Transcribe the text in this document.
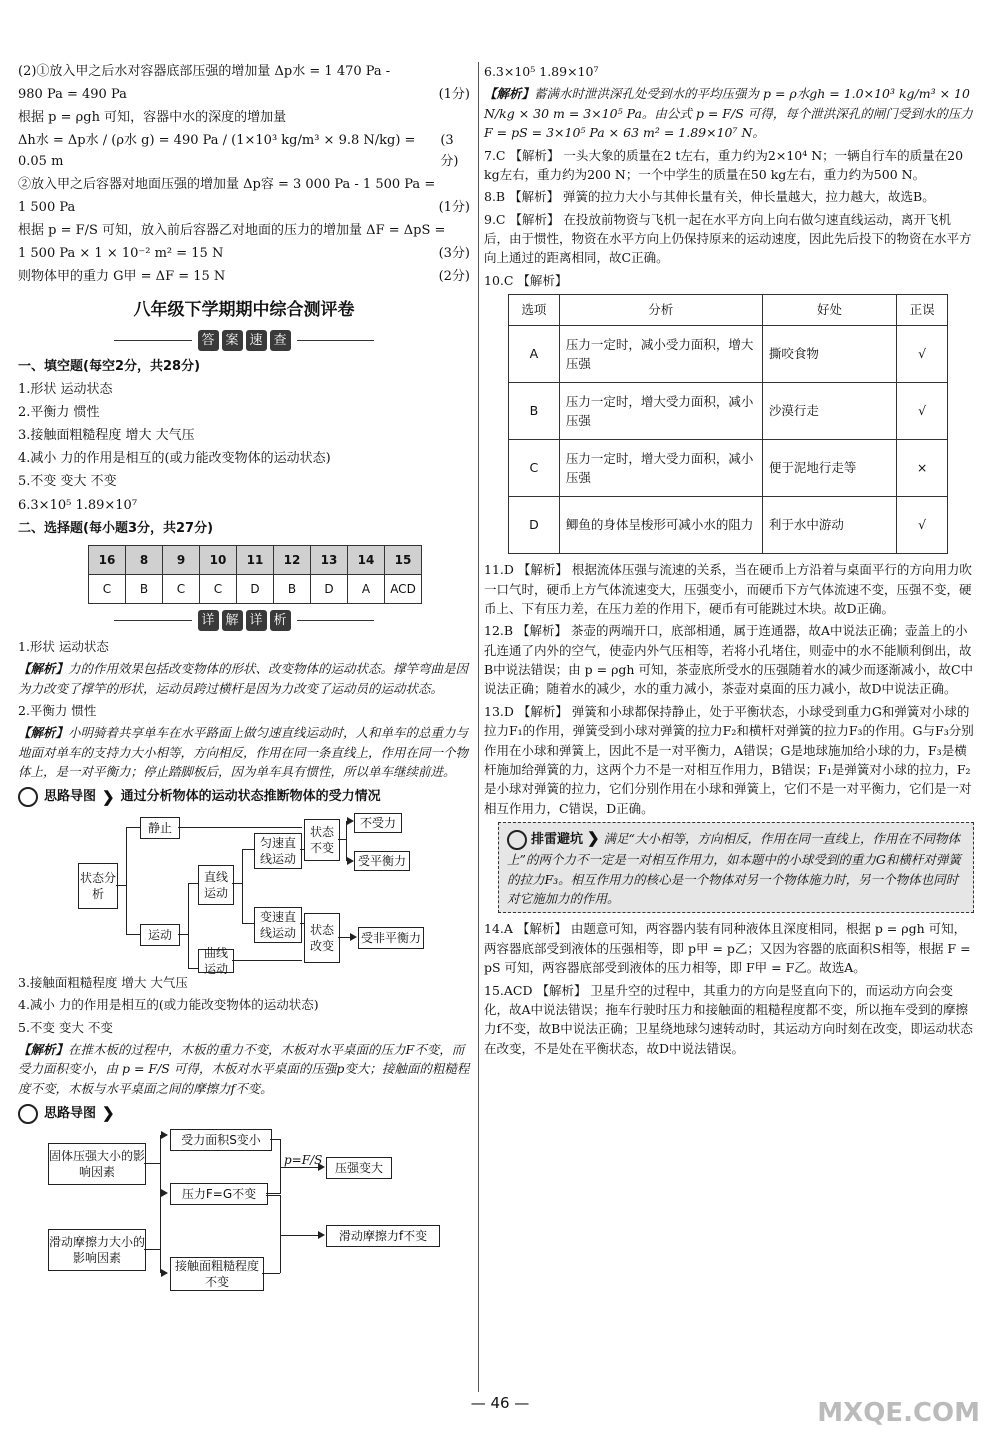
(2)①放入甲之后水对容器底部压强的增加量 Δp水 = 1 470 Pa -
980 Pa = 490 Pa	(1分)
根据 p = ρgh 可知，容器中水的深度的增加量
Δh水 = Δp水 / (ρ水 g) = 490 Pa / (1×10³ kg/m³ × 9.8 N/kg) = 0.05 m
(3分)
②放入甲之后容器对地面压强的增加量 Δp容 = 3 000 Pa - 1 500 Pa =
1 500 Pa	(1分)
根据 p = F/S 可知，放入前后容器乙对地面的压力的增加量 ΔF = ΔpS =
1 500 Pa × 1 × 10⁻² m² = 15 N	(3分)
则物体甲的重力 G甲 = ΔF = 15 N	(2分)
八年级下学期期中综合测评卷
答 案 速 查

一、填空题(每空2分，共28分)

1.形状 运动状态

2.平衡力 惯性

3.接触面粗糙程度 增大 大气压

4.减小 力的作用是相互的(或力能改变物体的运动状态)

5.不变 变大 不变

6.3×10⁵ 1.89×10⁷

二、选择题(每小题3分，共27分)

16	8	9	10	11	12	13	14	15
C	B	C	C	D	B	D	A	ACD
详 解 详 析

1.形状 运动状态

【解析】力的作用效果包括改变物体的形状、改变物体的运动状态。撑竿弯曲是因为力改变了撑竿的形状，运动员跨过横杆是因为力改变了运动员的运动状态。

2.平衡力 惯性

【解析】小明骑着共享单车在水平路面上做匀速直线运动时，人和单车的总重力与地面对单车的支持力大小相等，方向相反，作用在同一条直线上，作用在同一个物体上，是一对平衡力；停止踏脚板后，因为单车具有惯性，所以单车继续前进。

思路导图 ❯ 通过分析物体的运动状态推断物体的受力情况
状态分析
静止
运动
直线运动
曲线运动
匀速直线运动
变速直线运动
状态不变
状态改变
不受力
受平衡力
受非平衡力

3.接触面粗糙程度 增大 大气压

4.减小 力的作用是相互的(或力能改变物体的运动状态)

5.不变 变大 不变

【解析】在推木板的过程中，木板的重力不变，木板对水平桌面的压力F不变，而受力面积变小，由 p = F/S 可得，木板对水平桌面的压强p变大；接触面的粗糙程度不变，木板与水平桌面之间的摩擦力f不变。

思路导图 ❯
固体压强大小的影响因素
滑动摩擦力大小的影响因素
受力面积S变小
压力F=G不变
接触面粗糙程度不变
p=F/S
压强变大
滑动摩擦力f不变

6.3×10⁵ 1.89×10⁷

【解析】蓄满水时泄洪深孔处受到水的平均压强为 p = ρ水gh = 1.0×10³ kg/m³ × 10 N/kg × 30 m = 3×10⁵ Pa。由公式 p = F/S 可得，每个泄洪深孔的闸门受到水的压力 F = pS = 3×10⁵ Pa × 63 m² = 1.89×10⁷ N。

7.C 【解析】 一头大象的质量在2 t左右，重力约为2×10⁴ N；一辆自行车的质量在20 kg左右，重力约为200 N；一个中学生的质量在50 kg左右，重力约为500 N。

8.B 【解析】 弹簧的拉力大小与其伸长量有关，伸长量越大，拉力越大，故选B。

9.C 【解析】 在投放前物资与飞机一起在水平方向上向右做匀速直线运动，离开飞机后，由于惯性，物资在水平方向上仍保持原来的运动速度，因此先后投下的物资在水平方向上通过的距离相同，故C正确。

10.C 【解析】

选项	分析	好处	正误
A	压力一定时，减小受力面积，增大压强	撕咬食物	√
B	压力一定时，增大受力面积，减小压强	沙漠行走	√
C	压力一定时，增大受力面积，减小压强	便于泥地行走等	×
D	鲫鱼的身体呈梭形可减小水的阻力	利于水中游动	√

11.D 【解析】 根据流体压强与流速的关系，当在硬币上方沿着与桌面平行的方向用力吹一口气时，硬币上方气体流速变大，压强变小，而硬币下方气体流速不变，压强不变，硬币上、下有压力差，在压力差的作用下，硬币有可能跳过木块。故D正确。

12.B 【解析】 茶壶的两端开口，底部相通，属于连通器，故A中说法正确；壶盖上的小孔连通了内外的空气，使壶内外气压相等，若将小孔堵住，则壶中的水不能顺利倒出，故B中说法错误；由 p = ρgh 可知，茶壶底所受水的压强随着水的减少而逐渐减小，故C中说法正确；随着水的减少，水的重力减小，茶壶对桌面的压力减小，故D中说法正确。

13.D 【解析】 弹簧和小球都保持静止，处于平衡状态，小球受到重力G和弹簧对小球的拉力F₁的作用，弹簧受到小球对弹簧的拉力F₂和横杆对弹簧的拉力F₃的作用。G与F₃分别作用在小球和弹簧上，因此不是一对平衡力，A错误；G是地球施加给小球的力，F₃是横杆施加给弹簧的力，这两个力不是一对相互作用力，B错误；F₁是弹簧对小球的拉力，F₂是小球对弹簧的拉力，它们分别作用在小球和弹簧上，它们不是一对平衡力，它们是一对相互作用力，C错误，D正确。

排雷避坑 ❯ 满足“大小相等，方向相反，作用在同一直线上，作用在不同物体上”的两个力不一定是一对相互作用力，如本题中的小球受到的重力G和横杆对弹簧的拉力F₃。相互作用力的核心是一个物体对另一个物体施力时，另一个物体也同时对它施加力的作用。

14.A 【解析】 由题意可知，两容器内装有同种液体且深度相同，根据 p = ρgh 可知，两容器底部受到液体的压强相等，即 p甲 = p乙；又因为容器的底面积S相等，根据 F = pS 可知，两容器底部受到液体的压力相等，即 F甲 = F乙。故选A。

15.ACD 【解析】 卫星升空的过程中，其重力的方向是竖直向下的，而运动方向会变化，故A中说法错误；拖车行驶时压力和接触面的粗糙程度都不变，所以拖车受到的摩擦力f不变，故B中说法正确；卫星绕地球匀速转动时，其运动方向时刻在改变，即运动状态在改变，不是处在平衡状态，故D中说法错误。

— 46 —	MXQE.COM
